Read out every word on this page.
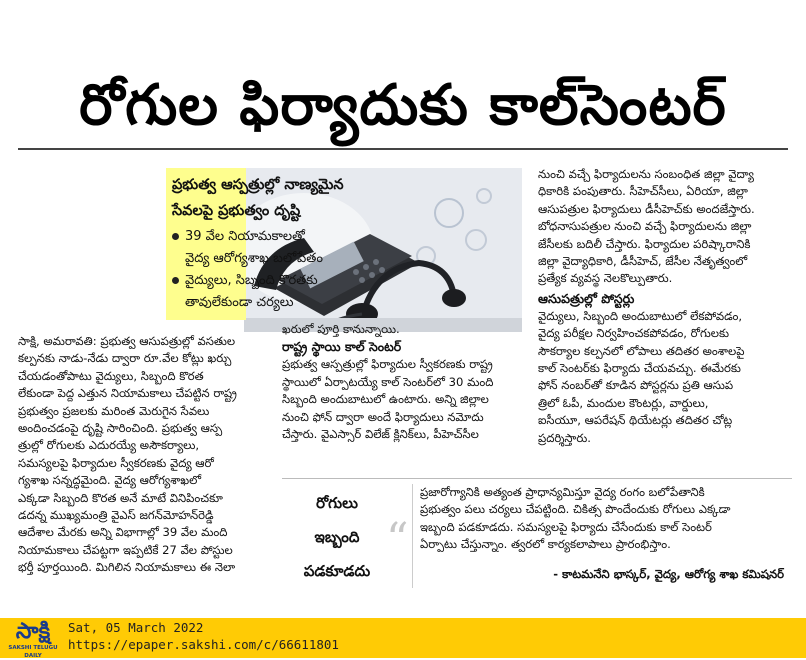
రోగుల ఫిర్యాదుకు కాల్‌సెంటర్
ప్రభుత్వ ఆస్పత్రుల్లో నాణ్యమైన
సేవలపై ప్రభుత్వం దృష్టి
39 వేల నియామకాలతో
వైద్య ఆరోగ్యశాఖ బలోపేతం
వైద్యులు, సిబ్బంది కొరతకు
తావులేకుండా చర్యలు

సాక్షి, అమరావతి: ప్రభుత్వ ఆసుపత్రుల్లో వసతుల

కల్పనకు నాడు-నేడు ద్వారా రూ.వేల కోట్లు ఖర్చు

చేయడంతోపాటు వైద్యులు, సిబ్బంది కొరత

లేకుండా పెద్ద ఎత్తున నియామకాలు చేపట్టిన రాష్ట్ర

ప్రభుత్వం ప్రజలకు మరింత మెరుగైన సేవలు

అందించడంపై దృష్టి సారించింది. ప్రభుత్వ ఆస్ప

త్రుల్లో రోగులకు ఎదురయ్యే అసౌకర్యాలు,

సమస్యలపై ఫిర్యాదుల స్వీకరణకు వైద్య ఆరో

గ్యశాఖ సన్నద్ధమైంది. వైద్య ఆరోగ్యశాఖలో

ఎక్కడా సిబ్బంది కొరత అనే మాటే వినిపించకూ

డదన్న ముఖ్యమంత్రి వైఎస్ జగన్‌మోహన్‌రెడ్డి

ఆదేశాల మేరకు అన్ని విభాగాల్లో 39 వేల మంది

నియామకాలు చేపట్టగా ఇప్పటికే 27 వేల పోస్టుల

భర్తీ పూర్తయింది. మిగిలిన నియామకాలు ఈ నెలా

ఖరులో పూర్తి కానున్నాయి.

రాష్ట్ర స్థాయి కాల్ సెంటర్

ప్రభుత్వ ఆస్పత్రుల్లో ఫిర్యాదుల స్వీకరణకు రాష్ట్ర

స్థాయిలో ఏర్పాటయ్యే కాల్ సెంటర్‌లో 30 మంది

సిబ్బంది అందుబాటులో ఉంటారు. అన్ని జిల్లాల

నుంచి ఫోన్ ద్వారా అందే ఫిర్యాదులు నమోదు

చేస్తారు. వైఎస్సార్ విలేజ్ క్లినిక్‌లు, పీహెచ్‌సీల

నుంచి వచ్చే ఫిర్యాదులను సంబంధిత జిల్లా వైద్యా

ధికారికి పంపుతారు. సీహెచ్‌సీలు, ఏరియా, జిల్లా

ఆసుపత్రుల ఫిర్యాదులు డీసీహెచ్‌కు అందజేస్తారు.

బోధనాసుపత్రుల నుంచి వచ్చే ఫిర్యాదులను జిల్లా

జేసీలకు బదిలీ చేస్తారు. ఫిర్యాదుల పరిష్కారానికి

జిల్లా వైద్యాధికారి, డీసీహెచ్, జేసీల నేతృత్వంలో

ప్రత్యేక వ్యవస్థ నెలకొల్పుతారు.

ఆసుపత్రుల్లో పోస్టర్లు

వైద్యులు, సిబ్బంది అందుబాటులో లేకపోవడం,

వైద్య పరీక్షల నిర్వహించకపోవడం, రోగులకు

సౌకర్యాల కల్పనలో లోపాలు తదితర అంశాలపై

కాల్ సెంటర్‌కు ఫిర్యాదు చేయవచ్చు. ఈమేరకు

ఫోన్ నంబర్‌తో కూడిన పోస్టర్లను ప్రతి ఆసుప

త్రిలో ఓపీ, మందుల కౌంటర్లు, వార్డులు,

ఐసీయూ, ఆపరేషన్ థియేటర్లు తదితర చోట్ల

ప్రదర్శిస్తారు.

రోగులు
ఇబ్బంది
పడకూడదు
“

ప్రజారోగ్యానికి అత్యంత ప్రాధాన్యమిస్తూ వైద్య రంగం బలోపేతానికి

ప్రభుత్వం పలు చర్యలు చేపట్టింది. చికిత్స పొందేందుకు రోగులు ఎక్కడా

ఇబ్బంది పడకూడదు. సమస్యలపై ఫిర్యాదు చేసేందుకు కాల్ సెంటర్

ఏర్పాటు చేస్తున్నాం. త్వరలో కార్యకలాపాలు ప్రారంభిస్తాం.

- కాటమనేని భాస్కర్, వైద్య, ఆరోగ్య శాఖ కమిషనర్
సాక్షి
SAKSHI TELUGU DAILY
Sat, 05 March 2022
https://epaper.sakshi.com/c/66611801
